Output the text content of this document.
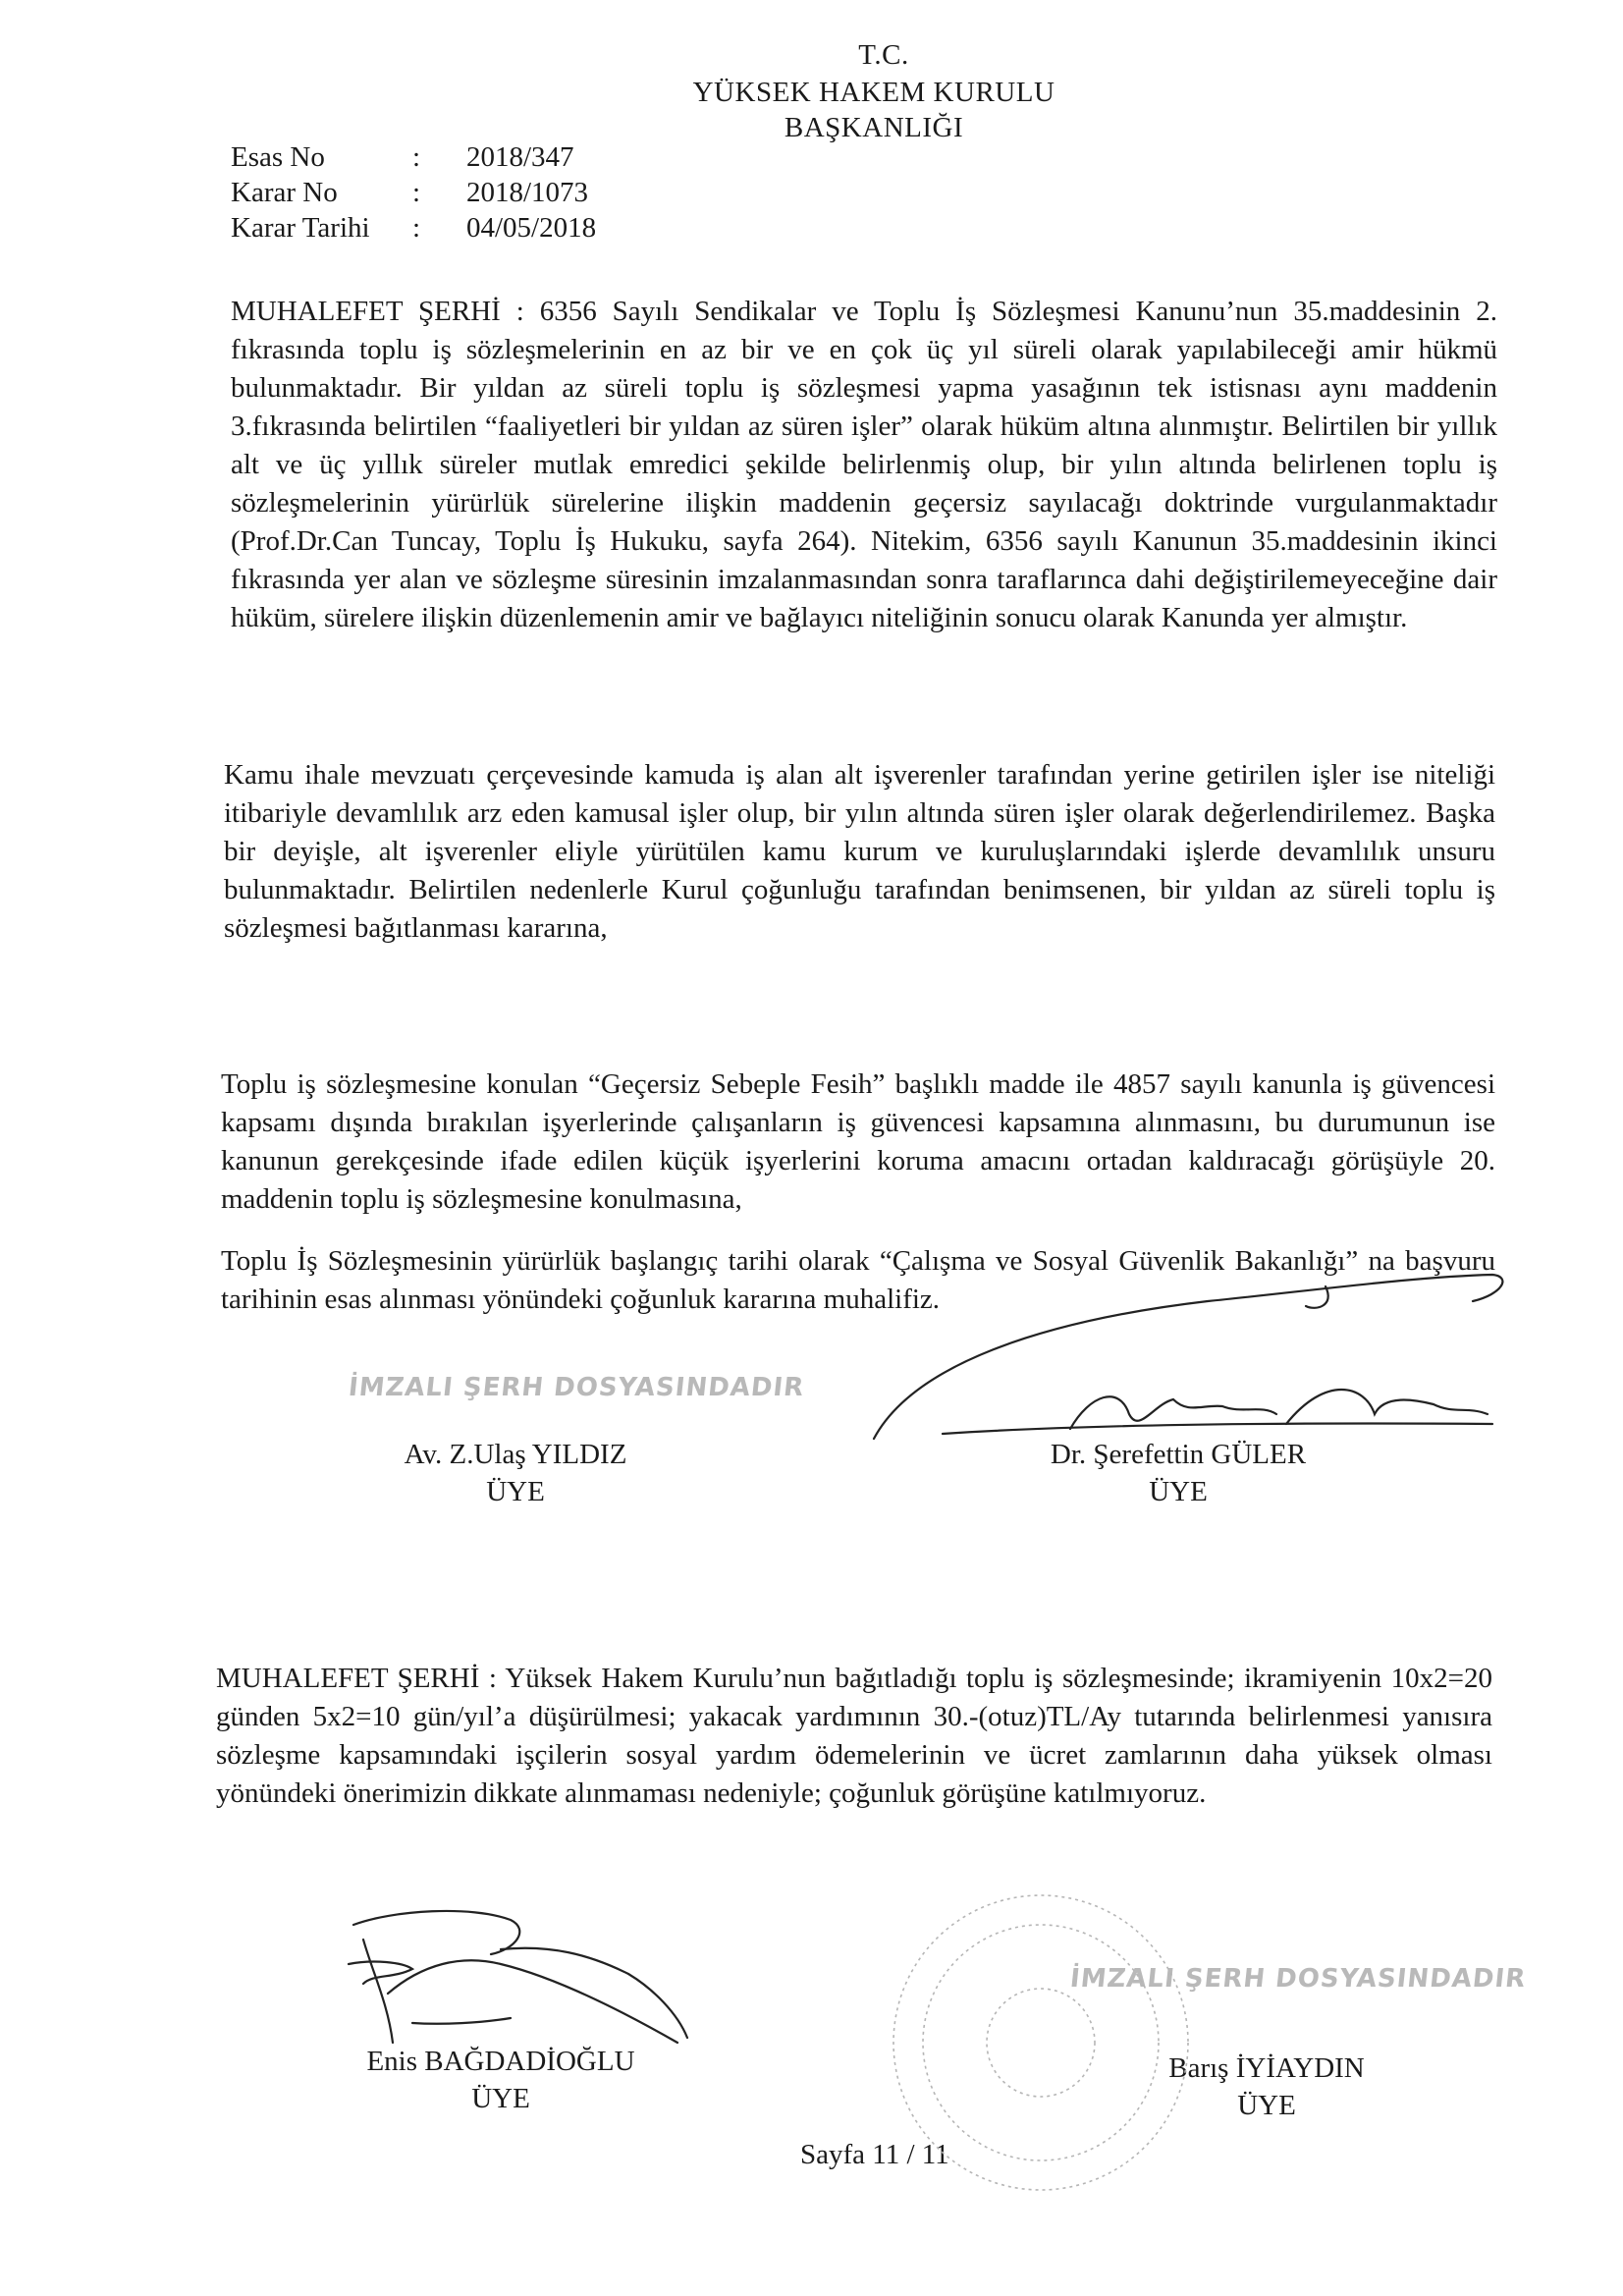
T.C.
YÜKSEK HAKEM KURULU
BAŞKANLIĞI
Esas No	:	2018/347
Karar No	:	2018/1073
Karar Tarihi	:	04/05/2018

MUHALEFET ŞERHİ : 6356 Sayılı Sendikalar ve Toplu İş Sözleşmesi Kanunu’nun 35.maddesinin 2. fıkrasında toplu iş sözleşmelerinin en az bir ve en çok üç yıl süreli olarak yapılabileceği amir hükmü bulunmaktadır. Bir yıldan az süreli toplu iş sözleşmesi yapma yasağının tek istisnası aynı maddenin 3.fıkrasında belirtilen “faaliyetleri bir yıldan az süren işler” olarak hüküm altına alınmıştır. Belirtilen bir yıllık alt ve üç yıllık süreler mutlak emredici şekilde belirlenmiş olup, bir yılın altında belirlenen toplu iş sözleşmelerinin yürürlük sürelerine ilişkin maddenin geçersiz sayılacağı doktrinde vurgulanmaktadır (Prof.Dr.Can Tuncay, Toplu İş Hukuku, sayfa 264). Nitekim, 6356 sayılı Kanunun 35.maddesinin ikinci fıkrasında yer alan ve sözleşme süresinin imzalanmasından sonra taraflarınca dahi değiştirilemeyeceğine dair hüküm, sürelere ilişkin düzenlemenin amir ve bağlayıcı niteliğinin sonucu olarak Kanunda yer almıştır.

Kamu ihale mevzuatı çerçevesinde kamuda iş alan alt işverenler tarafından yerine getirilen işler ise niteliği itibariyle devamlılık arz eden kamusal işler olup, bir yılın altında süren işler olarak değerlendirilemez. Başka bir deyişle, alt işverenler eliyle yürütülen kamu kurum ve kuruluşlarındaki işlerde devamlılık unsuru bulunmaktadır. Belirtilen nedenlerle Kurul çoğunluğu tarafından benimsenen, bir yıldan az süreli toplu iş sözleşmesi bağıtlanması kararına,

Toplu iş sözleşmesine konulan “Geçersiz Sebeple Fesih” başlıklı madde ile 4857 sayılı kanunla iş güvencesi kapsamı dışında bırakılan işyerlerinde çalışanların iş güvencesi kapsamına alınmasını, bu durumunun ise kanunun gerekçesinde ifade edilen küçük işyerlerini koruma amacını ortadan kaldıracağı görüşüyle 20. maddenin toplu iş sözleşmesine konulmasına,

Toplu İş Sözleşmesinin yürürlük başlangıç tarihi olarak “Çalışma ve Sosyal Güvenlik Bakanlığı” na başvuru tarihinin esas alınması yönündeki çoğunluk kararına muhalifiz.

İMZALI ŞERH DOSYASINDADIR
Av. Z.Ulaş YILDIZ
ÜYE
Dr. Şerefettin GÜLER
ÜYE

MUHALEFET ŞERHİ : Yüksek Hakem Kurulu’nun bağıtladığı toplu iş sözleşmesinde; ikramiyenin 10x2=20 günden 5x2=10 gün/yıl’a düşürülmesi; yakacak yardımının 30.-(otuz)TL/Ay tutarında belirlenmesi yanısıra sözleşme kapsamındaki işçilerin sosyal yardım ödemelerinin ve ücret zamlarının daha yüksek olması yönündeki önerimizin dikkate alınmaması nedeniyle; çoğunluk görüşüne katılmıyoruz.

İMZALI ŞERH DOSYASINDADIR
Enis BAĞDADİOĞLU
ÜYE
Barış İYİAYDIN
ÜYE
Sayfa 11 / 11
